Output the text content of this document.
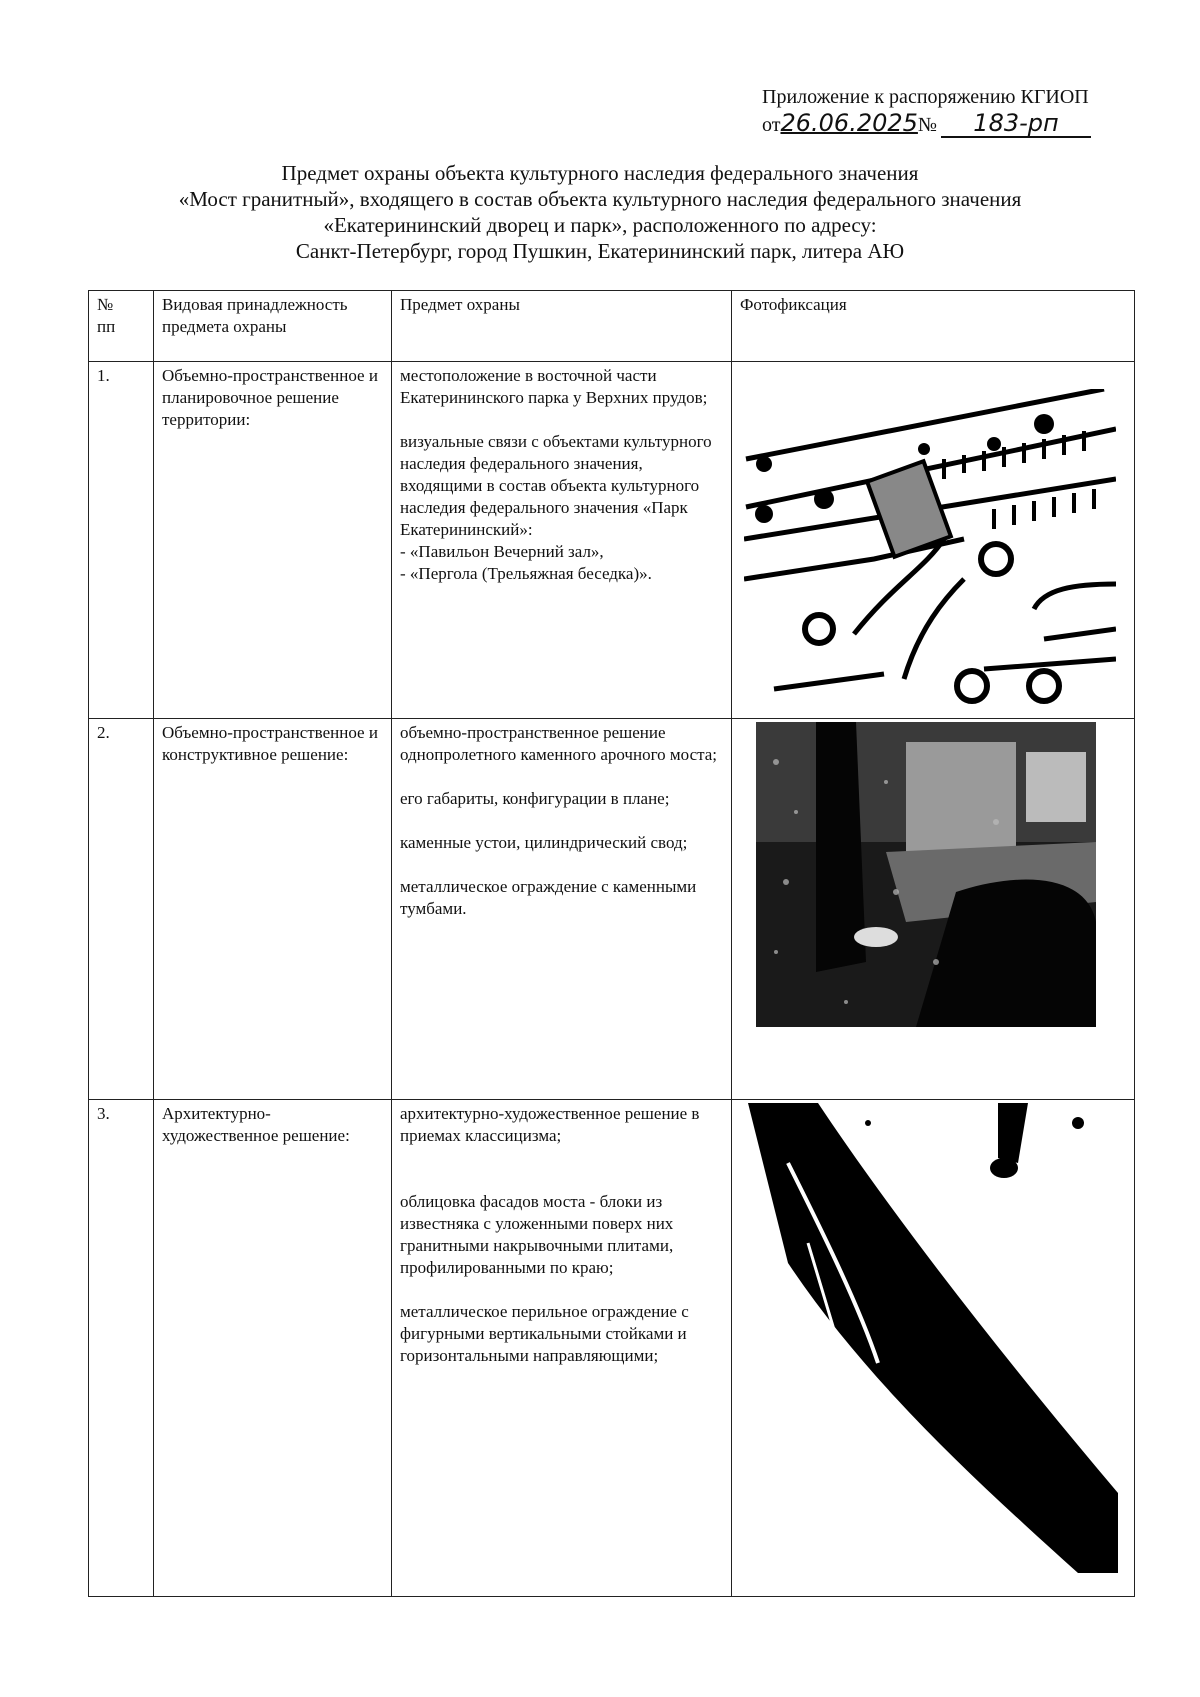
Приложение к распоряжению КГИОП
от 26.06.2025 №	183-рп
Предмет охраны объекта культурного наследия федерального значения
«Мост гранитный», входящего в состав объекта культурного наследия федерального значения
«Екатерининский дворец и парк», расположенного по адресу:
Санкт-Петербург, город Пушкин, Екатерининский парк, литера АЮ
№
пп	Видовая принадлежность предмета охраны	Предмет охраны	Фотофиксация
1.	Объемно-пространственное и планировочное решение территории:	местоположение в восточной части Екатерининского парка у Верхних прудов;

визуальные связи с объектами культурного наследия федерального значения, входящими в состав объекта культурного наследия федерального значения «Парк Екатерининский»:

- «Павильон Вечерний зал»,
- «Пергола (Трельяжная беседка)».

2.	Объемно-пространственное и конструктивное решение:	объемно-пространственное решение однопролетного каменного арочного моста;

его габариты, конфигурации в плане;

каменные устои, цилиндрический свод;

металлическое ограждение с каменными тумбами.

3.	Архитектурно-художественное решение:	архитектурно-художественное решение в приемах классицизма;

облицовка фасадов моста - блоки из известняка с уложенными поверх них гранитными накрывочными плитами, профилированными по краю;

металлическое перильное ограждение с фигурными вертикальными стойками и горизонтальными направляющими;
